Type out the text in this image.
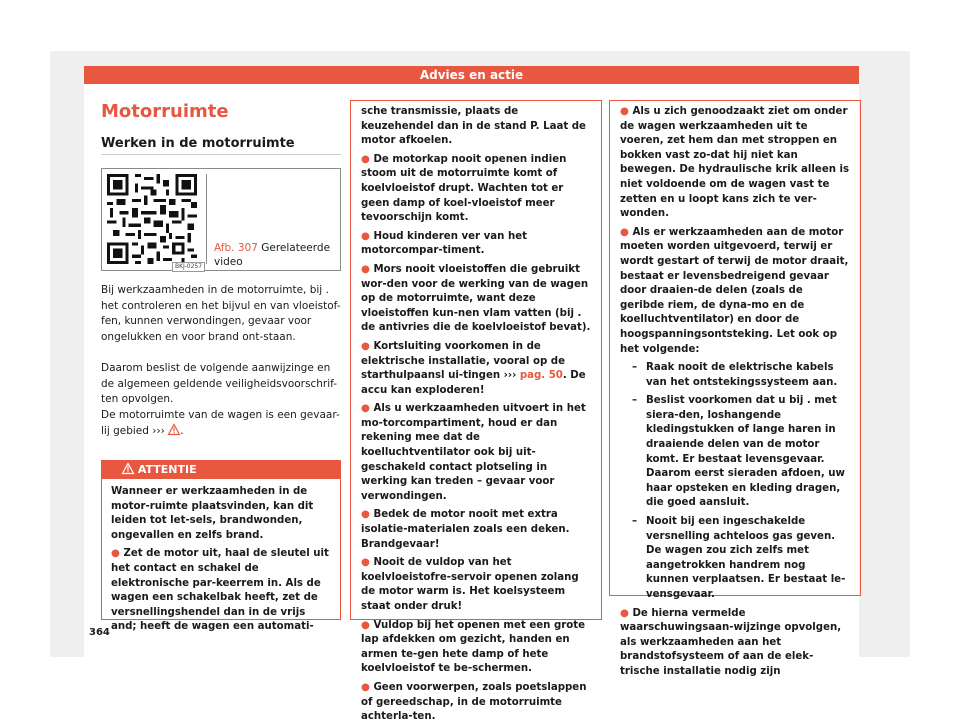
Advies en actie
Motorruimte
Werken in de motorruimte
BKJ-0257
Afb. 307 Gerelateerde video
Bij werkzaamheden in de motorruimte, bij . het controleren en het bijvul en van vloeistof-fen, kunnen verwondingen, gevaar voor ongelukken en voor brand ont-staan.
Daarom beslist de volgende aanwijzinge en de algemeen geldende veiligheidsvoorschrif-ten opvolgen.
De motorruimte van de wagen is een gevaar-lij gebied ››› .
ATTENTIE

Wanneer er werkzaamheden in de motor-ruimte plaatsvinden, kan dit leiden tot let-sels, brandwonden, ongevallen en zelfs brand.

● Zet de motor uit, haal de sleutel uit het contact en schakel de elektronische par-keerrem in. Als de wagen een schakelbak heeft, zet de versnellingshendel dan in de vrijs and; heeft de wagen een automati-

sche transmissie, plaats de keuzehendel dan in de stand P. Laat de motor afkoelen.

● De motorkap nooit openen indien stoom uit de motorruimte komt of koelvloeistof drupt. Wachten tot er geen damp of koel-vloeistof meer tevoorschijn komt.

● Houd kinderen ver van het motorcompar-timent.

● Mors nooit vloeistoffen die gebruikt wor-den voor de werking van de wagen op de motorruimte, want deze vloeistoffen kun-nen vlam vatten (bij . de antivries die de koelvloeistof bevat).

● Kortsluiting voorkomen in de elektrische installatie, vooral op de starthulpaansl ui-tingen ››› pag. 50. De accu kan exploderen!

● Als u werkzaamheden uitvoert in het mo-torcompartiment, houd er dan rekening mee dat de koelluchtventilator ook bij uit-geschakeld contact plotseling in werking kan treden – gevaar voor verwondingen.

● Bedek de motor nooit met extra isolatie-materialen zoals een deken. Brandgevaar!

● Nooit de vuldop van het koelvloeistofre-servoir openen zolang de motor warm is. Het koelsysteem staat onder druk!

● Vuldop bij het openen met een grote lap afdekken om gezicht, handen en armen te-gen hete damp of hete koelvloeistof te be-schermen.

● Geen voorwerpen, zoals poetslappen of gereedschap, in de motorruimte achterla-ten.

● Als u zich genoodzaakt ziet om onder de wagen werkzaamheden uit te voeren, zet hem dan met stroppen en bokken vast zo-dat hij niet kan bewegen. De hydraulische krik alleen is niet voldoende om de wagen vast te zetten en u loopt kans zich te ver-wonden.

● Als er werkzaamheden aan de motor moeten worden uitgevoerd, terwij er wordt gestart of terwij de motor draait, bestaat er levensbedreigend gevaar door draaien-de delen (zoals de geribde riem, de dyna-mo en de koelluchtventilator) en door de hoogspanningsontsteking. Let ook op het volgende:

– Raak nooit de elektrische kabels van het ontstekingssysteem aan.

– Beslist voorkomen dat u bij . met siera-den, loshangende kledingstukken of lange haren in draaiende delen van de motor komt. Er bestaat levensgevaar. Daarom eerst sieraden afdoen, uw haar opsteken en kleding dragen, die goed aansluit.

– Nooit bij een ingeschakelde versnelling achteloos gas geven. De wagen zou zich zelfs met aangetrokken handrem nog kunnen verplaatsen. Er bestaat le-vensgevaar.

● De hierna vermelde waarschuwingsaan-wijzinge opvolgen, als werkzaamheden aan het brandstofsysteem of aan de elek-trische installatie nodig zijn

364
